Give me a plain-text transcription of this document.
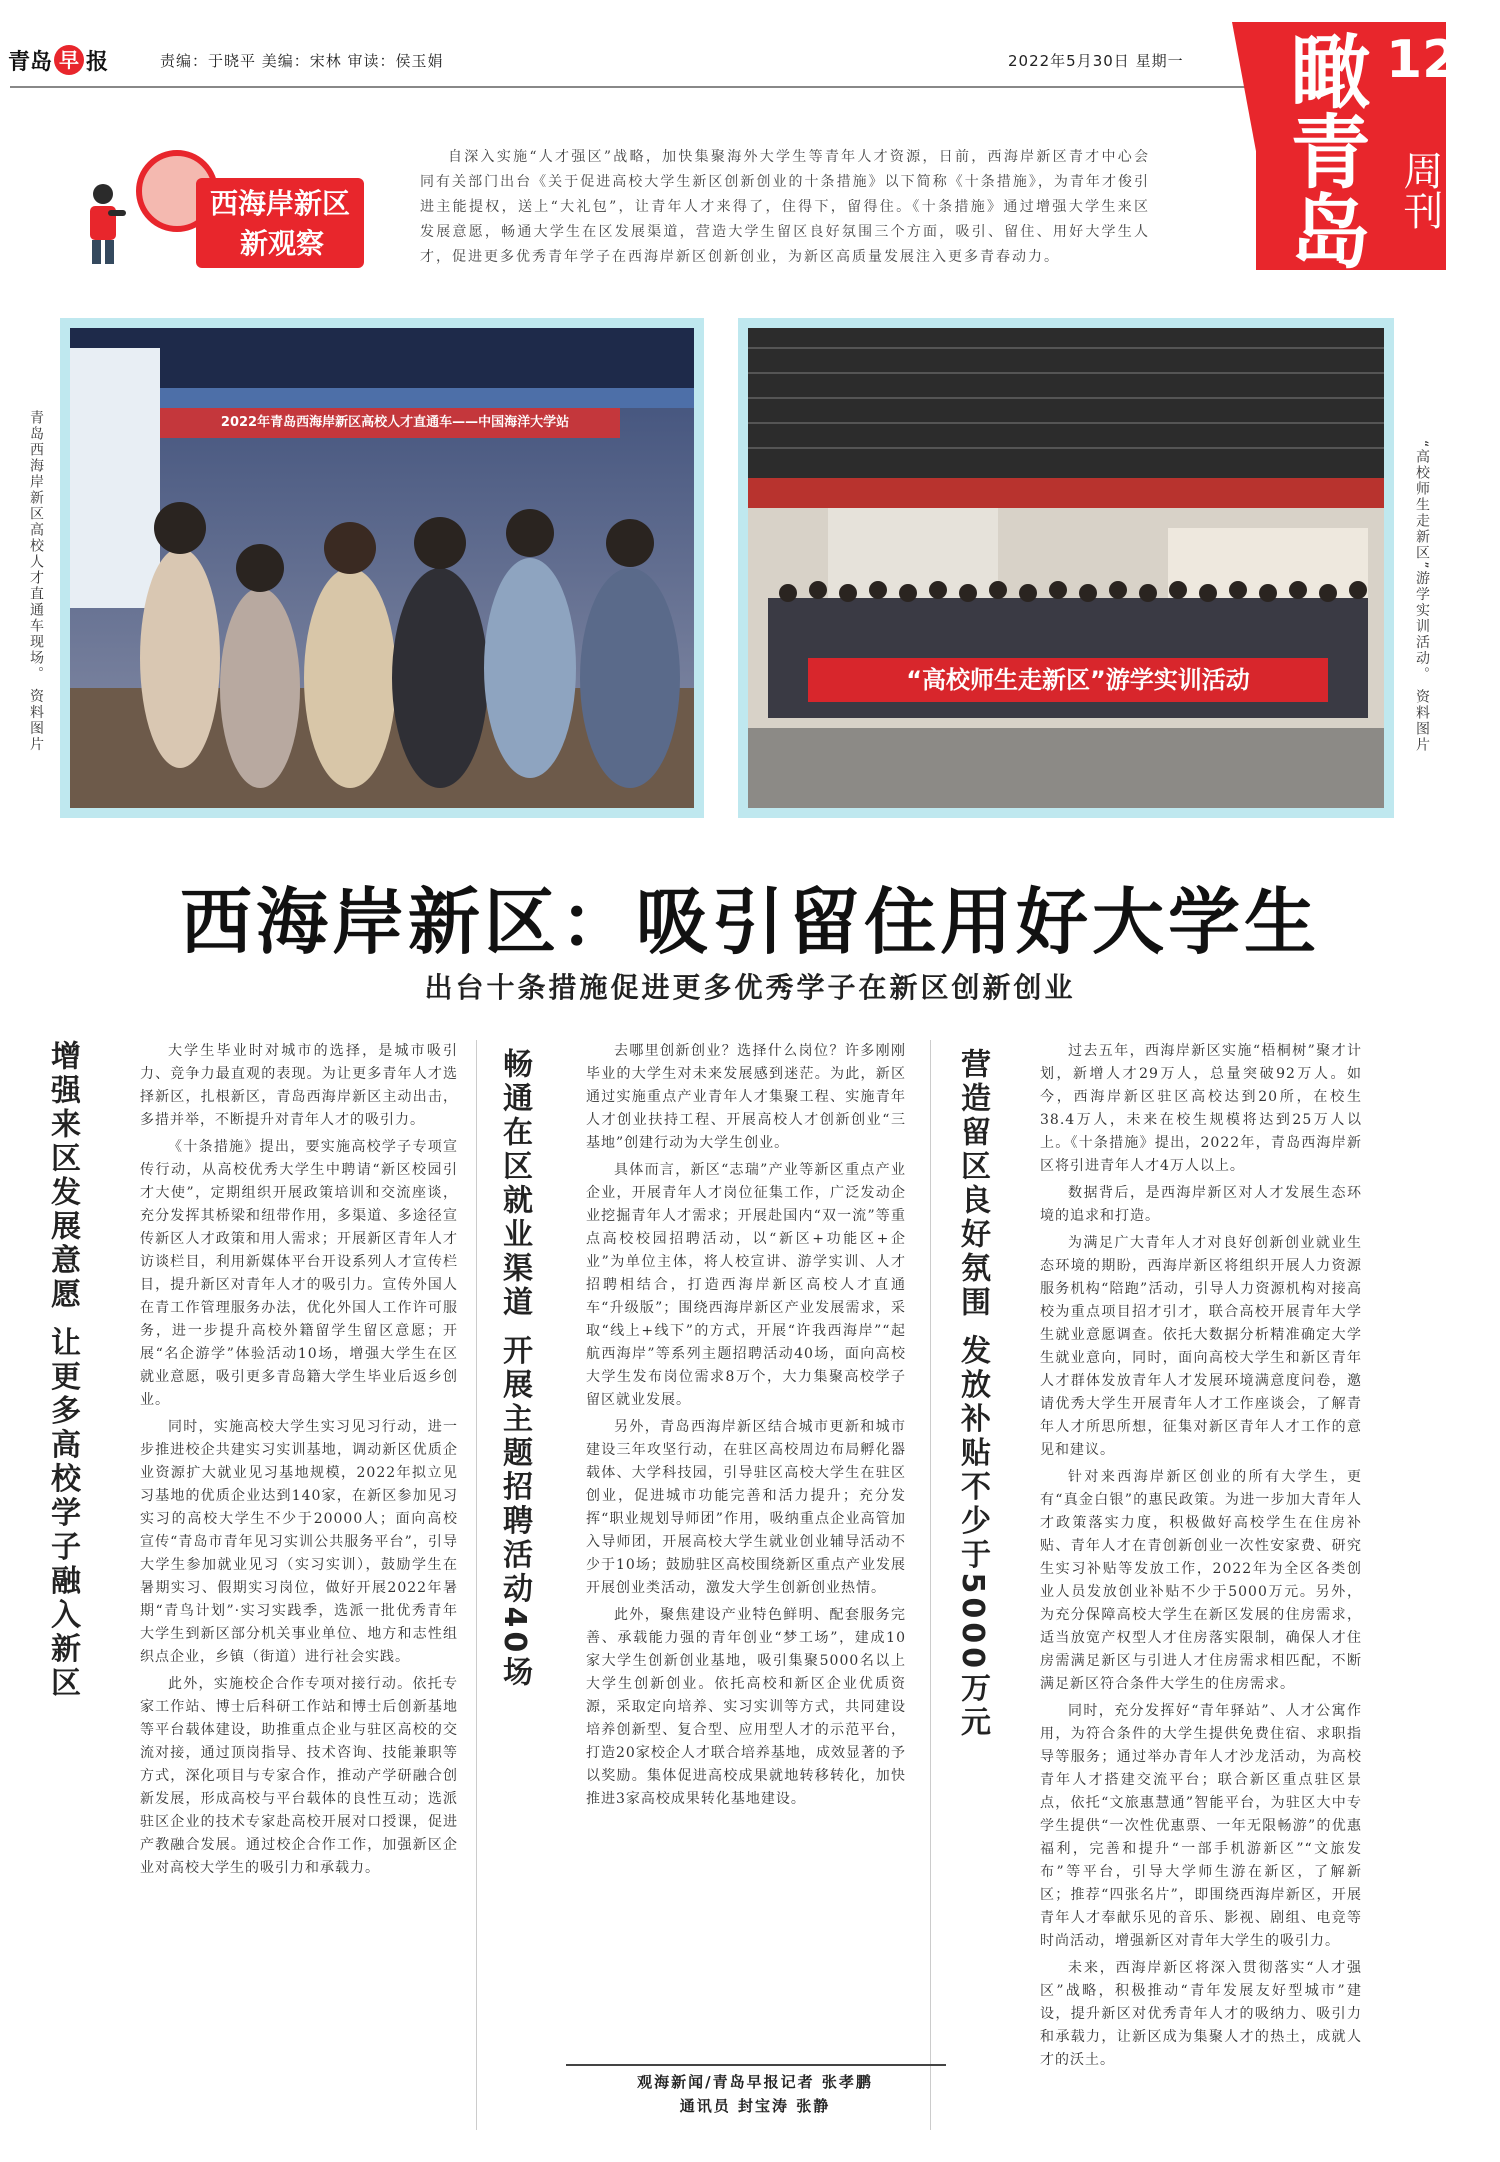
青岛 早 报	责编：于晓平 美编：宋林 审读：侯玉娟	2022年5月30日 星期一 瞰青岛 12
周刊
西海岸新区
新观察
自深入实施“人才强区”战略，加快集聚海外大学生等青年人才资源，日前，西海岸新区青才中心会同有关部门出台《关于促进高校大学生新区创新创业的十条措施》以下简称《十条措施》，为青年才俊引进主能提权，送上“大礼包”，让青年人才来得了，住得下，留得住。《十条措施》通过增强大学生来区发展意愿，畅通大学生在区发展渠道，营造大学生留区良好氛围三个方面，吸引、留住、用好大学生人才，促进更多优秀青年学子在西海岸新区创新创业，为新区高质量发展注入更多青春动力。
2022年青岛西海岸新区高校人才直通车——中国海洋大学站
“高校师生走新区”游学实训活动
青岛西海岸新区高校人才直通车现场。 资料图片	“高校师生走新区”游学实训活动。 资料图片
西海岸新区：吸引留住用好大学生
出台十条措施促进更多优秀学子在新区创新创业
增强来区发展意愿 让更多高校学子融入新区	大学生毕业时对城市的选择，是城市吸引力、竞争力最直观的表现。为让更多青年人才选择新区，扎根新区，青岛西海岸新区主动出击，多措并举，不断提升对青年人才的吸引力。

《十条措施》提出，要实施高校学子专项宣传行动，从高校优秀大学生中聘请“新区校园引才大使”，定期组织开展政策培训和交流座谈，充分发挥其桥梁和纽带作用，多渠道、多途径宣传新区人才政策和用人需求；开展新区青年人才访谈栏目，利用新媒体平台开设系列人才宣传栏目，提升新区对青年人才的吸引力。宣传外国人在青工作管理服务办法，优化外国人工作许可服务，进一步提升高校外籍留学生留区意愿；开展“名企游学”体验活动10场，增强大学生在区就业意愿，吸引更多青岛籍大学生毕业后返乡创业。

同时，实施高校大学生实习见习行动，进一步推进校企共建实习实训基地，调动新区优质企业资源扩大就业见习基地规模，2022年拟立见习基地的优质企业达到140家，在新区参加见习实习的高校大学生不少于20000人；面向高校宣传“青岛市青年见习实训公共服务平台”，引导大学生参加就业见习（实习实训），鼓励学生在暑期实习、假期实习岗位，做好开展2022年暑期“青鸟计划”·实习实践季，选派一批优秀青年大学生到新区部分机关事业单位、地方和志性组织点企业，乡镇（街道）进行社会实践。

此外，实施校企合作专项对接行动。依托专家工作站、博士后科研工作站和博士后创新基地等平台载体建设，助推重点企业与驻区高校的交流对接，通过顶岗指导、技术咨询、技能兼职等方式，深化项目与专家合作，推动产学研融合创新发展，形成高校与平台载体的良性互动；选派驻区企业的技术专家赴高校开展对口授课，促进产教融合发展。通过校企合作工作，加强新区企业对高校大学生的吸引力和承载力。

畅通在区就业渠道 开展主题招聘活动40场	去哪里创新创业？选择什么岗位？许多刚刚毕业的大学生对未来发展感到迷茫。为此，新区通过实施重点产业青年人才集聚工程、实施青年人才创业扶持工程、开展高校人才创新创业“三基地”创建行动为大学生创业。

具体而言，新区“志瑞”产业等新区重点产业企业，开展青年人才岗位征集工作，广泛发动企业挖掘青年人才需求；开展赴国内“双一流”等重点高校校园招聘活动，以“新区+功能区+企业”为单位主体，将人校宣讲、游学实训、人才招聘相结合，打造西海岸新区高校人才直通车“升级版”；围绕西海岸新区产业发展需求，采取“线上+线下”的方式，开展“许我西海岸”“起航西海岸”等系列主题招聘活动40场，面向高校大学生发布岗位需求8万个，大力集聚高校学子留区就业发展。

另外，青岛西海岸新区结合城市更新和城市建设三年攻坚行动，在驻区高校周边布局孵化器载体、大学科技园，引导驻区高校大学生在驻区创业，促进城市功能完善和活力提升；充分发挥“职业规划导师团”作用，吸纳重点企业高管加入导师团，开展高校大学生就业创业辅导活动不少于10场；鼓励驻区高校围绕新区重点产业发展开展创业类活动，激发大学生创新创业热情。

此外，聚焦建设产业特色鲜明、配套服务完善、承载能力强的青年创业“梦工场”，建成10家大学生创新创业基地，吸引集聚5000名以上大学生创新创业。依托高校和新区企业优质资源，采取定向培养、实习实训等方式，共同建设培养创新型、复合型、应用型人才的示范平台，打造20家校企人才联合培养基地，成效显著的予以奖励。集体促进高校成果就地转移转化，加快推进3家高校成果转化基地建设。

营造留区良好氛围 发放补贴不少于5000万元	过去五年，西海岸新区实施“梧桐树”聚才计划，新增人才29万人，总量突破92万人。如今，西海岸新区驻区高校达到20所，在校生38.4万人，未来在校生规模将达到25万人以上。《十条措施》提出，2022年，青岛西海岸新区将引进青年人才4万人以上。

数据背后，是西海岸新区对人才发展生态环境的追求和打造。

为满足广大青年人才对良好创新创业就业生态环境的期盼，西海岸新区将组织开展人力资源服务机构“陪跑”活动，引导人力资源机构对接高校为重点项目招才引才，联合高校开展青年大学生就业意愿调查。依托大数据分析精准确定大学生就业意向，同时，面向高校大学生和新区青年人才群体发放青年人才发展环境满意度问卷，邀请优秀大学生开展青年人才工作座谈会，了解青年人才所思所想，征集对新区青年人才工作的意见和建议。

针对来西海岸新区创业的所有大学生，更有“真金白银”的惠民政策。为进一步加大青年人才政策落实力度，积极做好高校学生在住房补贴、青年人才在青创新创业一次性安家费、研究生实习补贴等发放工作，2022年为全区各类创业人员发放创业补贴不少于5000万元。另外，为充分保障高校大学生在新区发展的住房需求，适当放宽产权型人才住房落实限制，确保人才住房需满足新区与引进人才住房需求相匹配，不断满足新区符合条件大学生的住房需求。

同时，充分发挥好“青年驿站”、人才公寓作用，为符合条件的大学生提供免费住宿、求职指导等服务；通过举办青年人才沙龙活动，为高校青年人才搭建交流平台；联合新区重点驻区景点，依托“文旅惠慧通”智能平台，为驻区大中专学生提供“一次性优惠票、一年无限畅游”的优惠福利，完善和提升“一部手机游新区”“文旅发布”等平台，引导大学师生游在新区，了解新区；推荐“四张名片”，即围绕西海岸新区，开展青年人才奉献乐见的音乐、影视、剧组、电竞等时尚活动，增强新区对青年大学生的吸引力。

未来，西海岸新区将深入贯彻落实“人才强区”战略，积极推动“青年发展友好型城市”建设，提升新区对优秀青年人才的吸纳力、吸引力和承载力，让新区成为集聚人才的热土，成就人才的沃土。

观海新闻/青岛早报记者 张孝鹏
通讯员 封宝涛 张静
